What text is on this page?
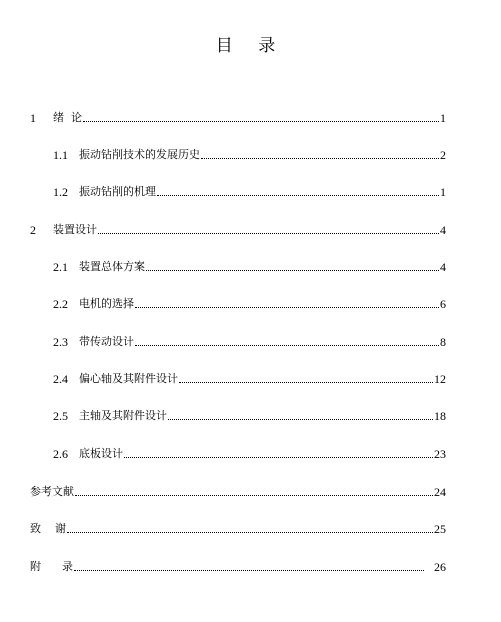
目 录
1	绪  论	1
1.1	振动钻削技术的发展历史	2
1.2	振动钻削的机理	1
2	装置设计	4
2.1	装置总体方案	4
2.2	电机的选择	6
2.3	带传动设计	8
2.4	偏心轴及其附件设计	12
2.5	主轴及其附件设计	18
2.6	底板设计	23
参考文献	24
致    谢	25
附      录	26
